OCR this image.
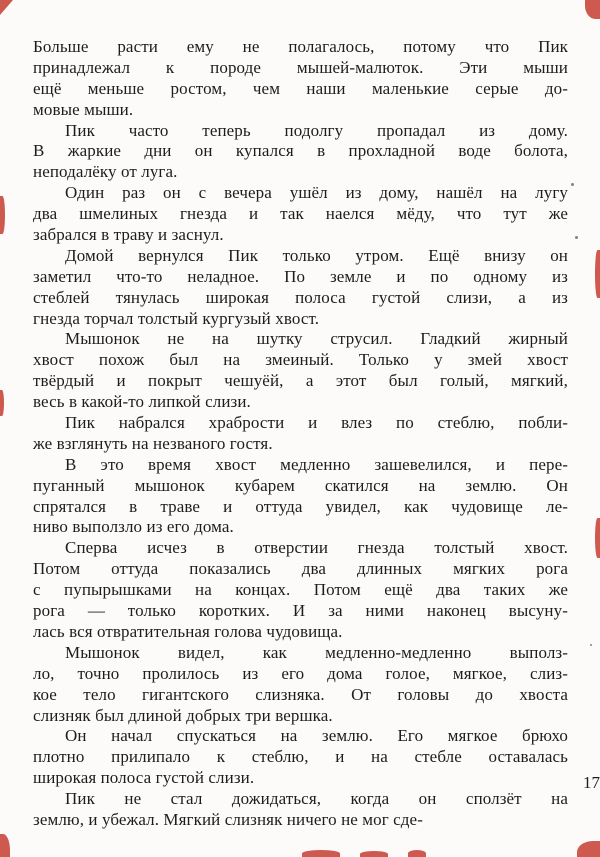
Больше расти ему не полагалось, потому что Пик
принадлежал к породе мышей-малюток. Эти мыши
ещё меньше ростом, чем наши маленькие серые до-
мовые мыши.
Пик часто теперь подолгу пропадал из дому.
В жаркие дни он купался в прохладной воде болота,
неподалёку от луга.
Один раз он с вечера ушёл из дому, нашёл на лугу
два шмелиных гнезда и так наелся мёду, что тут же
забрался в траву и заснул.
Домой вернулся Пик только утром. Ещё внизу он
заметил что-то неладное. По земле и по одному из
стеблей тянулась широкая полоса густой слизи, а из
гнезда торчал толстый кургузый хвост.
Мышонок не на шутку струсил. Гладкий жирный
хвост похож был на змеиный. Только у змей хвост
твёрдый и покрыт чешуёй, а этот был голый, мягкий,
весь в какой-то липкой слизи.
Пик набрался храбрости и влез по стеблю, побли-
же взглянуть на незваного гостя.
В это время хвост медленно зашевелился, и пере-
пуганный мышонок кубарем скатился на землю. Он
спрятался в траве и оттуда увидел, как чудовище ле-
ниво выползло из его дома.
Сперва исчез в отверстии гнезда толстый хвост.
Потом оттуда показались два длинных мягких рога
с пупырышками на концах. Потом ещё два таких же
рога — только коротких. И за ними наконец высуну-
лась вся отвратительная голова чудовища.
Мышонок видел, как медленно-медленно выполз-
ло, точно пролилось из его дома голое, мягкое, слиз-
кое тело гигантского слизняка. От головы до хвоста
слизняк был длиной добрых три вершка.
Он начал спускаться на землю. Его мягкое брюхо
плотно прилипало к стеблю, и на стебле оставалась
широкая полоса густой слизи.
Пик не стал дожидаться, когда он сползёт на
землю, и убежал. Мягкий слизняк ничего не мог сде-
17
